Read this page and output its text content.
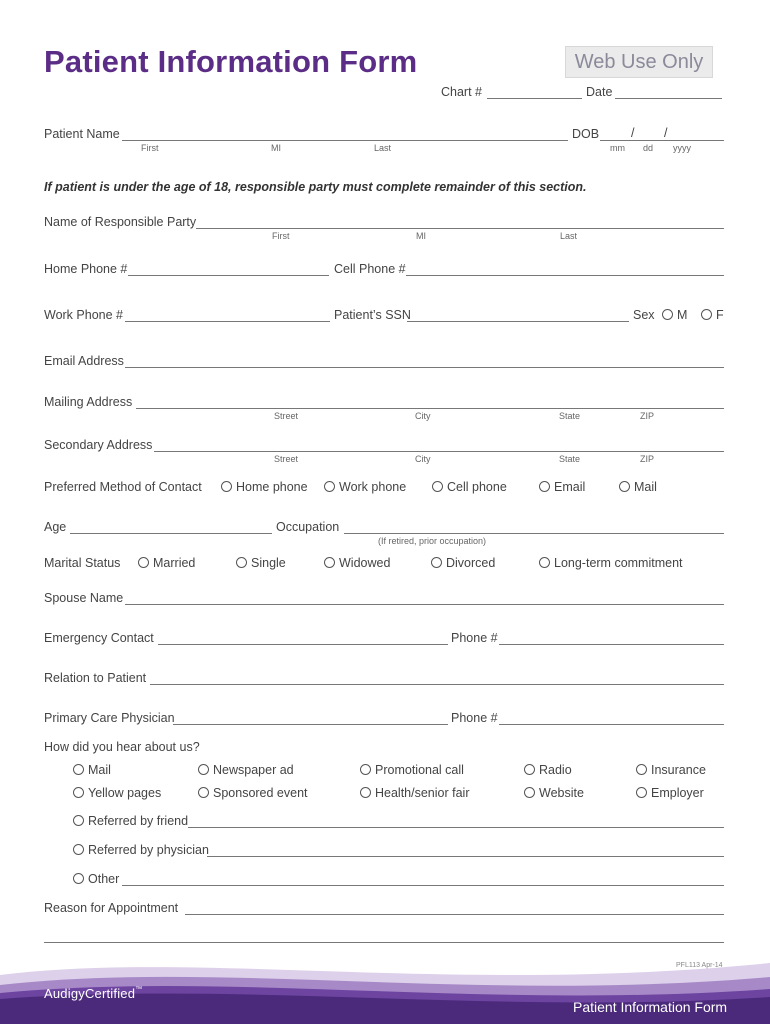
Patient Information Form	Web Use Only
Chart #	Date
Patient Name
First	MI	Last
DOB	/ /
mm dd yyyy
If patient is under the age of 18, responsible party must complete remainder of this section.
Name of Responsible Party
First	MI	Last
Home Phone #	Cell Phone #
Work Phone #	Patient’s SSN	Sex	M	F
Email Address
Mailing Address
Street	City	State	ZIP
Secondary Address
Street	City	State	ZIP
Preferred Method of Contact	Home phone	Work phone	Cell phone	Email	Mail
Age	Occupation
(If retired, prior occupation)
Marital Status	Married	Single	Widowed	Divorced	Long-term commitment
Spouse Name
Emergency Contact	Phone #
Relation to Patient
Primary Care Physician	Phone #
How did you hear about us?
Mail	Newspaper ad	Promotional call	Radio	Insurance
Yellow pages	Sponsored event	Health/senior fair	Website	Employer
Referred by friend
Referred by physician
Other
Reason for Appointment
PFL113 Apr-14
AudigyCertified™
Patient Information Form
